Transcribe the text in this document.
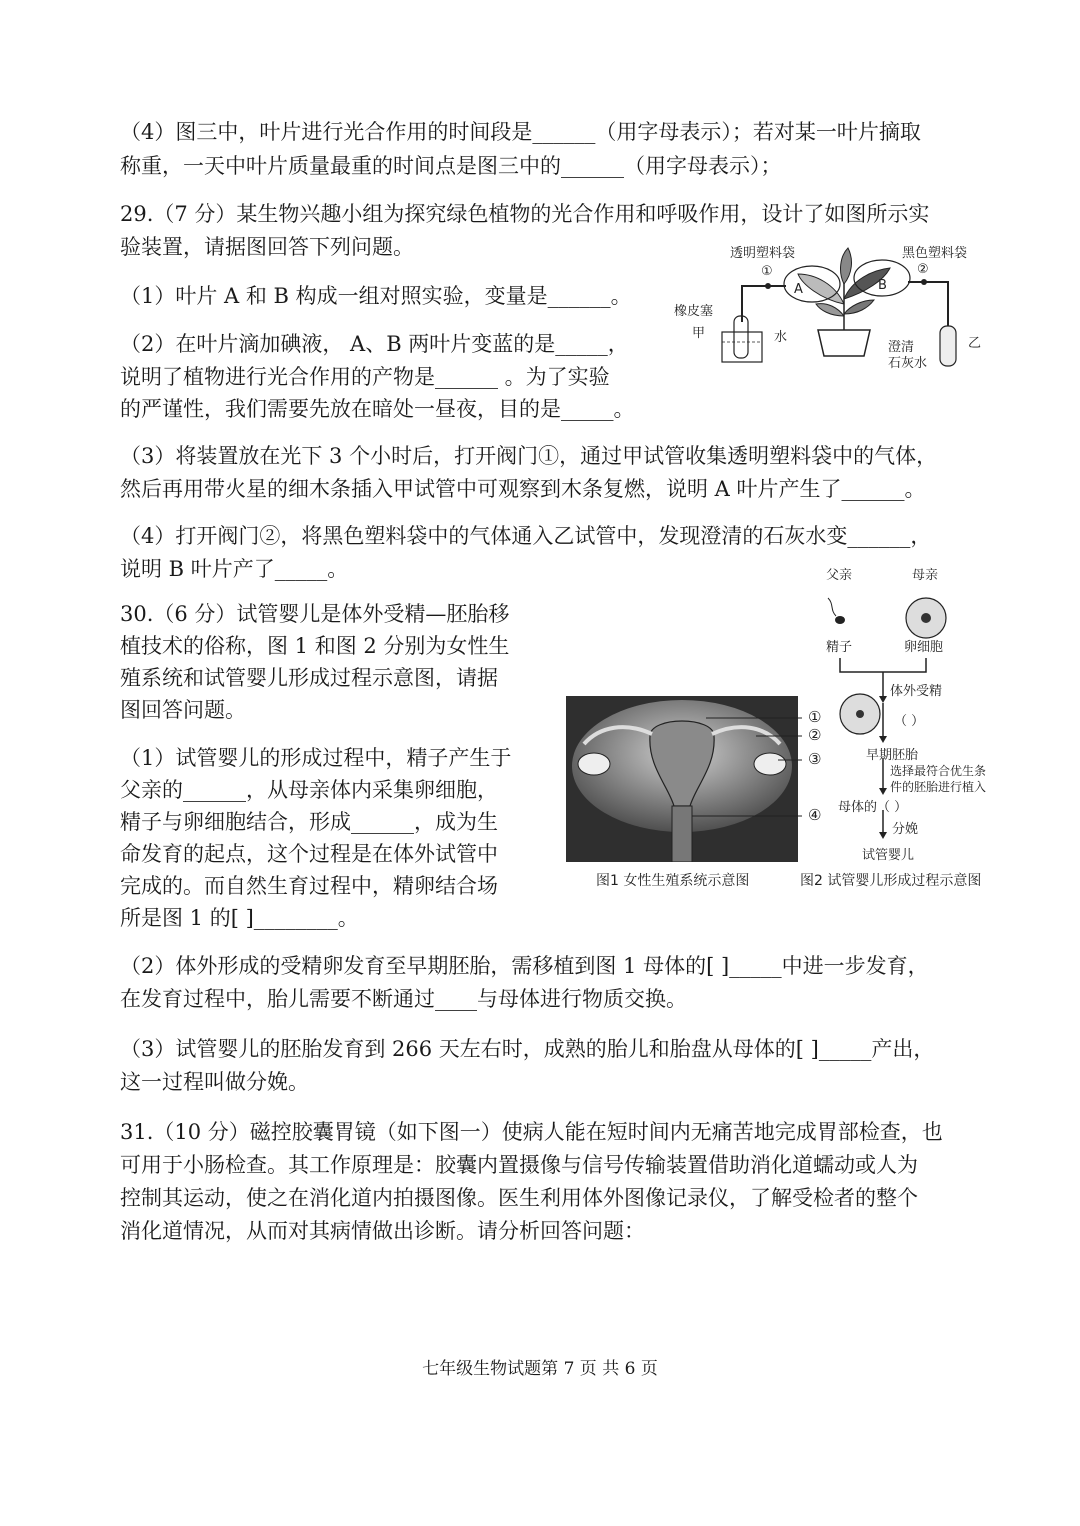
（4）图三中，叶片进行光合作用的时间段是______（用字母表示）；若对某一叶片摘取
称重，一天中叶片质量最重的时间点是图三中的______（用字母表示）；
29.（7 分）某生物兴趣小组为探究绿色植物的光合作用和呼吸作用，设计了如图所示实
验装置，请据图回答下列问题。
（1）叶片 A 和 B 构成一组对照实验，变量是______。
（2）在叶片滴加碘液， A、B 两叶片变蓝的是_____，
说明了植物进行光合作用的产物是______ 。为了实验
的严谨性，我们需要先放在暗处一昼夜，目的是_____。
（3）将装置放在光下 3 个小时后，打开阀门①，通过甲试管收集透明塑料袋中的气体，
然后再用带火星的细木条插入甲试管中可观察到木条复燃，说明 A 叶片产生了______。
（4）打开阀门②，将黑色塑料袋中的气体通入乙试管中，发现澄清的石灰水变______，
说明 B 叶片产了_____。
透明塑料袋	黑色塑料袋
①	②
A	B
橡皮塞
甲	水
澄清
石灰水
乙
30.（6 分）试管婴儿是体外受精—胚胎移
植技术的俗称，图 1 和图 2 分别为女性生
殖系统和试管婴儿形成过程示意图，请据
图回答问题。
（1）试管婴儿的形成过程中，精子产生于
父亲的______，从母亲体内采集卵细胞，
精子与卵细胞结合，形成______，成为生
命发育的起点，这个过程是在体外试管中
完成的。而自然生育过程中，精卵结合场
所是图 1 的[ ]________。
①
②
③
④
图1 女性生殖系统示意图
父亲	母亲
精子	卵细胞
体外受精
（ ）
早期胚胎
选择最符合优生条
件的胚胎进行植入
母体的（ ）
分娩
试管婴儿
图2 试管婴儿形成过程示意图
（2）体外形成的受精卵发育至早期胚胎，需移植到图 1 母体的[ ]_____中进一步发育，
在发育过程中，胎儿需要不断通过____与母体进行物质交换。
（3）试管婴儿的胚胎发育到 266 天左右时，成熟的胎儿和胎盘从母体的[ ]_____产出，
这一过程叫做分娩。
31.（10 分）磁控胶囊胃镜（如下图一）使病人能在短时间内无痛苦地完成胃部检查，也
可用于小肠检查。其工作原理是：胶囊内置摄像与信号传输装置借助消化道蠕动或人为
控制其运动，使之在消化道内拍摄图像。医生利用体外图像记录仪，了解受检者的整个
消化道情况，从而对其病情做出诊断。请分析回答问题：
七年级生物试题第 7 页 共 6 页
